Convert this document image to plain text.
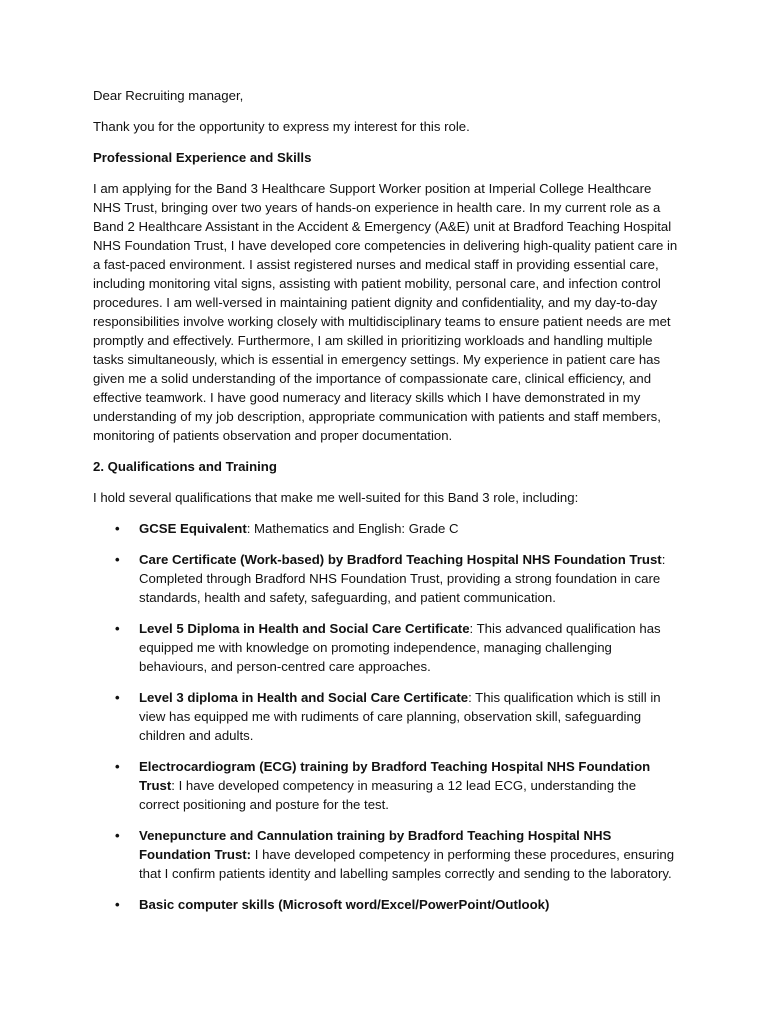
Dear Recruiting manager,

Thank you for the opportunity to express my interest for this role.

Professional Experience and Skills

I am applying for the Band 3 Healthcare Support Worker position at Imperial College Healthcare NHS Trust, bringing over two years of hands-on experience in health care. In my current role as a Band 2 Healthcare Assistant in the Accident & Emergency (A&E) unit at Bradford Teaching Hospital NHS Foundation Trust, I have developed core competencies in delivering high-quality patient care in a fast-paced environment. I assist registered nurses and medical staff in providing essential care, including monitoring vital signs, assisting with patient mobility, personal care, and infection control procedures. I am well-versed in maintaining patient dignity and confidentiality, and my day-to-day responsibilities involve working closely with multidisciplinary teams to ensure patient needs are met promptly and effectively. Furthermore, I am skilled in prioritizing workloads and handling multiple tasks simultaneously, which is essential in emergency settings. My experience in patient care has given me a solid understanding of the importance of compassionate care, clinical efficiency, and effective teamwork. I have good numeracy and literacy skills which I have demonstrated in my understanding of my job description, appropriate communication with patients and staff members, monitoring of patients observation and proper documentation.

2. Qualifications and Training

I hold several qualifications that make me well-suited for this Band 3 role, including:

• GCSE Equivalent: Mathematics and English: Grade C
• Care Certificate (Work-based) by Bradford Teaching Hospital NHS Foundation Trust: Completed through Bradford NHS Foundation Trust, providing a strong foundation in care standards, health and safety, safeguarding, and patient communication.
• Level 5 Diploma in Health and Social Care Certificate: This advanced qualification has equipped me with knowledge on promoting independence, managing challenging behaviours, and person-centred care approaches.
• Level 3 diploma in Health and Social Care Certificate: This qualification which is still in view has equipped me with rudiments of care planning, observation skill, safeguarding children and adults.
• Electrocardiogram (ECG) training by Bradford Teaching Hospital NHS Foundation Trust: I have developed competency in measuring a 12 lead ECG, understanding the correct positioning and posture for the test.
• Venepuncture and Cannulation training by Bradford Teaching Hospital NHS Foundation Trust: I have developed competency in performing these procedures, ensuring that I confirm patients identity and labelling samples correctly and sending to the laboratory.
• Basic computer skills (Microsoft word/Excel/PowerPoint/Outlook)
